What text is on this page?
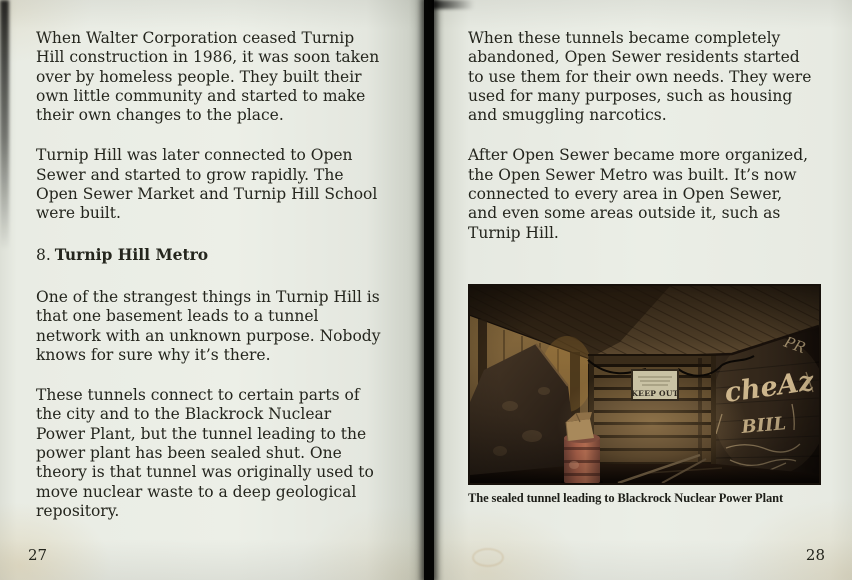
When Walter Corporation ceased Turnip Hill construction in 1986, it was soon taken over by homeless people. They built their own little community and started to make their own changes to the place.

Turnip Hill was later connected to Open Sewer and started to grow rapidly. The Open Sewer Market and Turnip Hill School were built.

8. Turnip Hill Metro

One of the strangest things in Turnip Hill is that one basement leads to a tunnel network with an unknown purpose. Nobody knows for sure why it’s there.

These tunnels connect to certain parts of the city and to the Blackrock Nuclear Power Plant, but the tunnel leading to the power plant has been sealed shut. One theory is that tunnel was originally used to move nuclear waste to a deep geological repository.

27

When these tunnels became completely abandoned, Open Sewer residents started to use them for their own needs. They were used for many purposes, such as housing and smuggling narcotics.

After Open Sewer became more organized, the Open Sewer Metro was built. It’s now connected to every area in Open Sewer, and even some areas outside it, such as Turnip Hill.

The sealed tunnel leading to Blackrock Nuclear Power Plant
28
